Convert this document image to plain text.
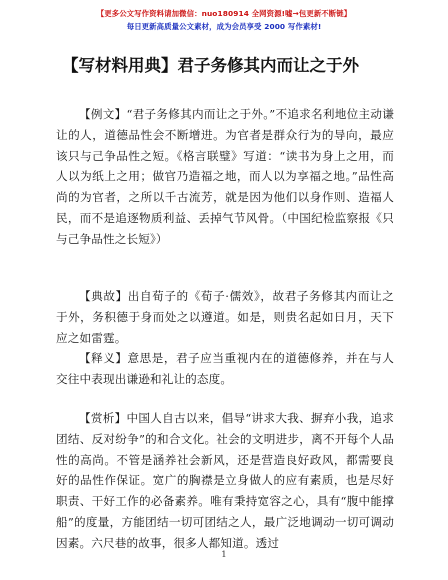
【更多公文写作资料请加微信：nuo180914 全网资源!嘘→包更新不断链】
每日更新高质量公文素材，成为会员享受 2000 写作素材!
【写材料用典】君子务修其内而让之于外
【例文】“君子务修其内而让之于外。”不追求名利地位主动谦让的人，道德品性会不断增进。为官者是群众行为的导向，最应该只与己争品性之短。《格言联璧》写道：“读书为身上之用，而人以为纸上之用；做官乃造福之地，而人以为享福之地。”品性高尚的为官者，之所以千古流芳，就是因为他们以身作则、造福人民，而不是追逐物质利益、丢掉气节风骨。（中国纪检监察报《只与己争品性之长短》）
【典故】出自荀子的《荀子·儒效》，故君子务修其内而让之于外，务积德于身而处之以遵道。如是，则贵名起如日月，天下应之如雷霆。
【释义】意思是，君子应当重视内在的道德修养，并在与人交往中表现出谦逊和礼让的态度。
【赏析】中国人自古以来，倡导“讲求大我、摒弃小我，追求团结、反对纷争”的和合文化。社会的文明进步，离不开每个人品性的高尚。不管是涵养社会新风，还是营造良好政风，都需要良好的品性作保证。宽广的胸襟是立身做人的应有素质，也是尽好职责、干好工作的必备素养。唯有秉持宽容之心，具有“腹中能撑船”的度量，方能团结一切可团结之人，最广泛地调动一切可调动因素。六尺巷的故事，很多人都知道。透过
1
